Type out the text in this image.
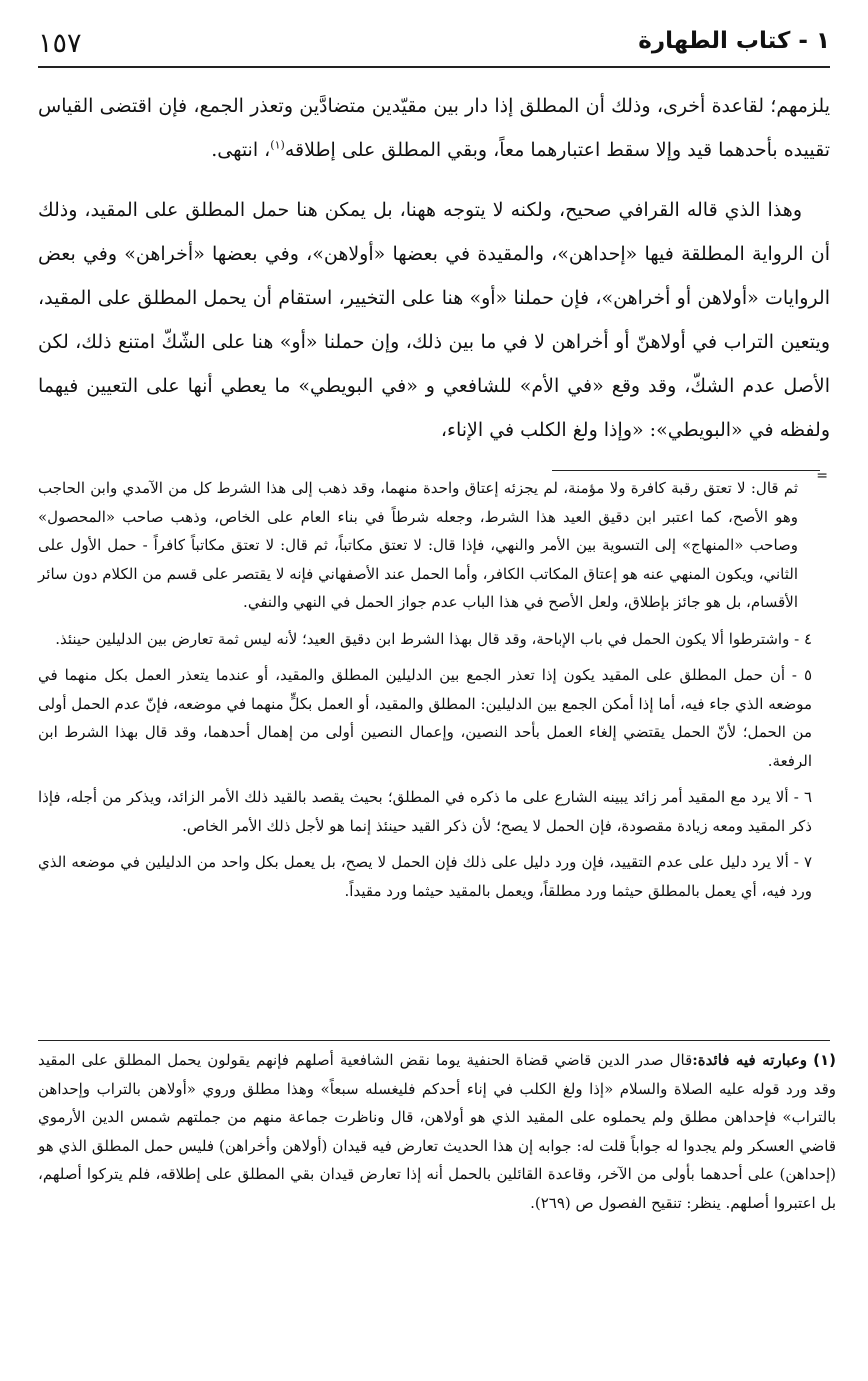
١٥٧	١ - كتاب الطهارة

يلزمهم؛ لقاعدة أخرى، وذلك أن المطلق إذا دار بين مقيّدين متضادَّين وتعذر الجمع، فإن اقتضى القياس تقييده بأحدهما قيد وإلا سقط اعتبارهما معاً، وبقي المطلق على إطلاقه$^{(١)}$، انتهى.

وهذا الذي قاله القرافي صحيح، ولكنه لا يتوجه ههنا، بل يمكن هنا حمل المطلق على المقيد، وذلك أن الرواية المطلقة فيها «إحداهن»، والمقيدة في بعضها «أولاهن»، وفي بعضها «أخراهن» وفي بعض الروايات «أولاهن أو أخراهن»، فإن حملنا «أو» هنا على التخيير، استقام أن يحمل المطلق على المقيد، ويتعين التراب في أولاهنّ أو أخراهن لا في ما بين ذلك، وإن حملنا «أو» هنا على الشّكّ امتنع ذلك، لكن الأصل عدم الشكّ، وقد وقع «في الأم» للشافعي و «في البويطي» ما يعطي أنها على التعيين فيهما ولفظه في «البويطي»: «وإذا ولغ الكلب في الإناء،

=

ثم قال: لا تعتق رقبة كافرة ولا مؤمنة، لم يجزئه إعتاق واحدة منهما، وقد ذهب إلى هذا الشرط كل من الآمدي وابن الحاجب وهو الأصح، كما اعتبر ابن دقيق العيد هذا الشرط، وجعله شرطاً في بناء العام على الخاص، وذهب صاحب «المحصول» وصاحب «المنهاج» إلى التسوية بين الأمر والنهي، فإذا قال: لا تعتق مكاتباً، ثم قال: لا تعتق مكاتباً كافراً - حمل الأول على الثاني، ويكون المنهي عنه هو إعتاق المكاتب الكافر، وأما الحمل عند الأصفهاني فإنه لا يقتصر على قسم من الكلام دون سائر الأقسام، بل هو جائز بإطلاق، ولعل الأصح في هذا الباب عدم جواز الحمل في النهي والنفي.

٤ - واشترطوا ألا يكون الحمل في باب الإباحة، وقد قال بهذا الشرط ابن دقيق العيد؛ لأنه ليس ثمة تعارض بين الدليلين حينئذ.

٥ - أن حمل المطلق على المقيد يكون إذا تعذر الجمع بين الدليلين المطلق والمقيد، أو عندما يتعذر العمل بكل منهما في موضعه الذي جاء فيه، أما إذا أمكن الجمع بين الدليلين: المطلق والمقيد، أو العمل بكلٍّ منهما في موضعه، فإنّ عدم الحمل أولى من الحمل؛ لأنّ الحمل يقتضي إلغاء العمل بأحد النصين، وإعمال النصين أولى من إهمال أحدهما، وقد قال بهذا الشرط ابن الرفعة.

٦ - ألا يرد مع المقيد أمر زائد يبينه الشارع على ما ذكره في المطلق؛ بحيث يقصد بالقيد ذلك الأمر الزائد، ويذكر من أجله، فإذا ذكر المقيد ومعه زيادة مقصودة، فإن الحمل لا يصح؛ لأن ذكر القيد حينئذ إنما هو لأجل ذلك الأمر الخاص.

٧ - ألا يرد دليل على عدم التقييد، فإن ورد دليل على ذلك فإن الحمل لا يصح، بل يعمل بكل واحد من الدليلين في موضعه الذي ورد فيه، أي يعمل بالمطلق حيثما ورد مطلقاً، ويعمل بالمقيد حيثما ورد مقيداً.

(١) وعبارته فيه فائدة:قال صدر الدين قاضي قضاة الحنفية يوما نقض الشافعية أصلهم فإنهم يقولون يحمل المطلق على المقيد وقد ورد قوله عليه الصلاة والسلام «إذا ولغ الكلب في إناء أحدكم فليغسله سبعاً» وهذا مطلق وروي «أولاهن بالتراب وإحداهن بالتراب» فإحداهن مطلق ولم يحملوه على المقيد الذي هو أولاهن، قال وناظرت جماعة منهم من جملتهم شمس الدين الأرموي قاضي العسكر ولم يجدوا له جواباً قلت له: جوابه إن هذا الحديث تعارض فيه قيدان (أولاهن وأخراهن) فليس حمل المطلق الذي هو (إحداهن) على أحدهما بأولى من الآخر، وقاعدة القائلين بالحمل أنه إذا تعارض قيدان بقي المطلق على إطلاقه، فلم يتركوا أصلهم، بل اعتبروا أصلهم. ينظر: تنقيح الفصول ص (٢٦٩).
